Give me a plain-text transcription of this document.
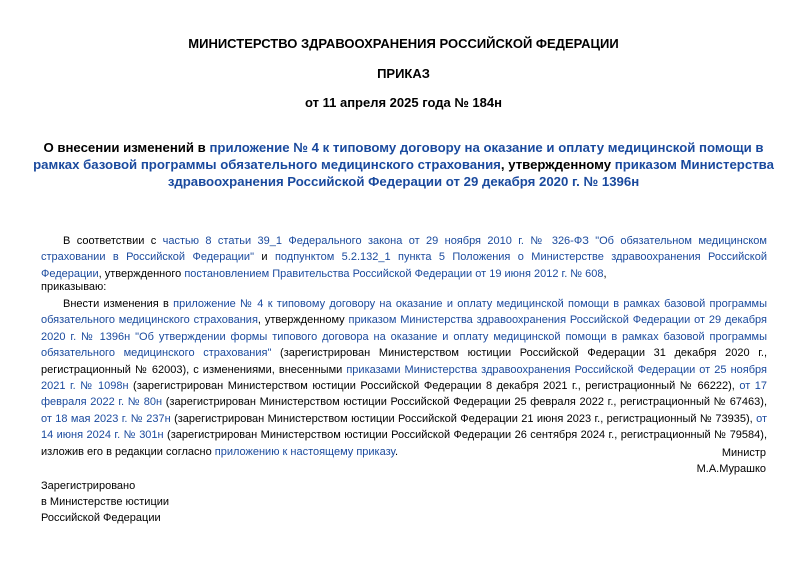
МИНИСТЕРСТВО ЗДРАВООХРАНЕНИЯ РОССИЙСКОЙ ФЕДЕРАЦИИ
ПРИКАЗ
от 11 апреля 2025 года № 184н
О внесении изменений в приложение № 4 к типовому договору на оказание и оплату медицинской помощи в рамках базовой программы обязательного медицинского страхования, утвержденному приказом Министерства здравоохранения Российской Федерации от 29 декабря 2020 г. № 1396н
В соответствии с частью 8 статьи 39_1 Федерального закона от 29 ноября 2010 г. № 326-ФЗ "Об обязательном медицинском страховании в Российской Федерации" и подпунктом 5.2.132_1 пункта 5 Положения о Министерстве здравоохранения Российской Федерации, утвержденного постановлением Правительства Российской Федерации от 19 июня 2012 г. № 608,
приказываю:
Внести изменения в приложение № 4 к типовому договору на оказание и оплату медицинской помощи в рамках базовой программы обязательного медицинского страхования, утвержденному приказом Министерства здравоохранения Российской Федерации от 29 декабря 2020 г. № 1396н "Об утверждении формы типового договора на оказание и оплату медицинской помощи в рамках базовой программы обязательного медицинского страхования" (зарегистрирован Министерством юстиции Российской Федерации 31 декабря 2020 г., регистрационный № 62003), с изменениями, внесенными приказами Министерства здравоохранения Российской Федерации от 25 ноября 2021 г. № 1098н (зарегистрирован Министерством юстиции Российской Федерации 8 декабря 2021 г., регистрационный № 66222), от 17 февраля 2022 г. № 80н (зарегистрирован Министерством юстиции Российской Федерации 25 февраля 2022 г., регистрационный № 67463), от 18 мая 2023 г. № 237н (зарегистрирован Министерством юстиции Российской Федерации 21 июня 2023 г., регистрационный № 73935), от 14 июня 2024 г. № 301н (зарегистрирован Министерством юстиции Российской Федерации 26 сентября 2024 г., регистрационный № 79584), изложив его в редакции согласно приложению к настоящему приказу.	Министр
М.А.Мурашко
Зарегистрировано
в Министерстве юстиции
Российской Федерации
